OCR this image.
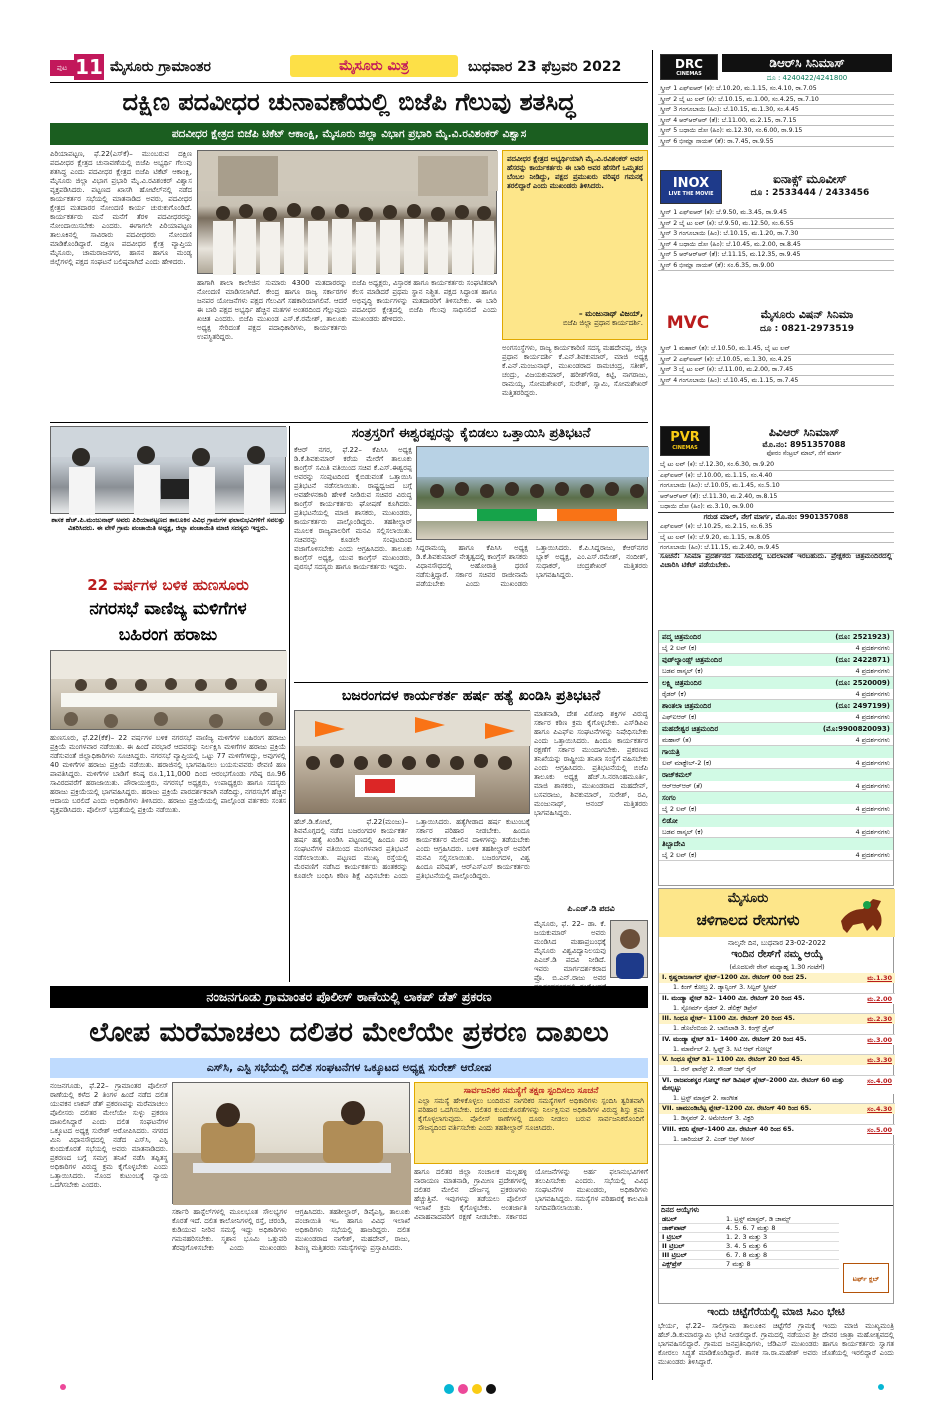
ಪುಟ 11 ಮೈಸೂರು ಗ್ರಾಮಾಂತರ	ಮೈಸೂರು ಮಿತ್ರ	ಬುಧವಾರ 23 ಫೆಬ್ರವರಿ 2022
ದಕ್ಷಿಣ ಪದವೀಧರ ಚುನಾವಣೆಯಲ್ಲಿ ಬಿಜೆಪಿ ಗೆಲುವು ಶತಸಿದ್ಧ
ಪದವೀಧರ ಕ್ಷೇತ್ರದ ಬಿಜೆಪಿ ಟಿಕೆಟ್ ಆಕಾಂಕ್ಷಿ, ಮೈಸೂರು ಜಿಲ್ಲಾ ವಿಭಾಗ ಪ್ರಭಾರಿ ಮೈ.ವಿ.ರವಿಶಂಕರ್ ವಿಶ್ವಾಸ
ಪಿರಿಯಾಪಟ್ಟಣ, ಫೆ.22(ಎಸ್‌ಕೆ)– ಮುಂಬರುವ ದಕ್ಷಿಣ ಪದವೀಧರ ಕ್ಷೇತ್ರದ ಚುನಾವಣೆಯಲ್ಲಿ ಬಿಜೆಪಿ ಅಭ್ಯರ್ಥಿ ಗೆಲುವು ಶತಸಿದ್ಧ ಎಂದು ಪದವೀಧರ ಕ್ಷೇತ್ರದ ಬಿಜೆಪಿ ಟಿಕೆಟ್ ಆಕಾಂಕ್ಷಿ, ಮೈಸೂರು ಜಿಲ್ಲಾ ವಿಭಾಗ ಪ್ರಭಾರಿ ಮೈ.ವಿ.ರವಿಶಂಕರ್ ವಿಶ್ವಾಸ ವ್ಯಕ್ತಪಡಿಸಿದರು. ಪಟ್ಟಣದ ಖಾಸಗಿ ಹೋಟೆಲ್‌ನಲ್ಲಿ ನಡೆದ ಕಾರ್ಯಕರ್ತರ ಸಭೆಯಲ್ಲಿ ಮಾತನಾಡಿದ ಅವರು, ಪದವೀಧರ ಕ್ಷೇತ್ರದ ಮತದಾರರ ನೋಂದಣಿ ಕಾರ್ಯ ಚುರುಕುಗೊಂಡಿದೆ. ಕಾರ್ಯಕರ್ತರು ಮನೆ ಮನೆಗೆ ತೆರಳಿ ಪದವೀಧರರನ್ನು ನೋಂದಾಯಿಸಬೇಕು ಎಂದರು. ಈಗಾಗಲೇ ಪಿರಿಯಾಪಟ್ಟಣ ತಾಲೂಕಿನಲ್ಲಿ ಸಾವಿರಾರು ಪದವೀಧರರು ನೋಂದಣಿ ಮಾಡಿಕೊಂಡಿದ್ದಾರೆ. ದಕ್ಷಿಣ ಪದವೀಧರ ಕ್ಷೇತ್ರ ವ್ಯಾಪ್ತಿಯ ಮೈಸೂರು, ಚಾಮರಾಜನಗರ, ಹಾಸನ ಹಾಗೂ ಮಂಡ್ಯ ಜಿಲ್ಲೆಗಳಲ್ಲಿ ಪಕ್ಷದ ಸಂಘಟನೆ ಬಲಿಷ್ಠವಾಗಿದೆ ಎಂದು ಹೇಳಿದರು.
ಹಾಗಾಗಿ ಶಾಲಾ ಕಾಲೇಜಿನ ಸುಮಾರು 4300 ಮತದಾರರನ್ನು ನೋಂದಣಿ ಮಾಡಿಸಲಾಗಿದೆ. ಕೇಂದ್ರ ಹಾಗೂ ರಾಜ್ಯ ಸರ್ಕಾರಗಳ ಜನಪರ ಯೋಜನೆಗಳು ಪಕ್ಷದ ಗೆಲುವಿಗೆ ಸಹಕಾರಿಯಾಗಲಿವೆ. ಆದರೆ ಈ ಬಾರಿ ಪಕ್ಷದ ಅಭ್ಯರ್ಥಿ ಹೆಚ್ಚಿನ ಮತಗಳ ಅಂತರದಿಂದ ಗೆಲ್ಲುವುದು ಖಚಿತ ಎಂದರು. ಬಿಜೆಪಿ ಮುಖಂಡ ಎಸ್.ಕೆ.ರಮೇಶ್, ತಾಲೂಕು ಅಧ್ಯಕ್ಷ ಸೇರಿದಂತೆ ಪಕ್ಷದ ಪದಾಧಿಕಾರಿಗಳು, ಕಾರ್ಯಕರ್ತರು ಉಪಸ್ಥಿತರಿದ್ದರು.
ಬಿಜೆಪಿ ಅಧ್ಯಕ್ಷರು, ವಿಸ್ತಾರಕ ಹಾಗೂ ಕಾರ್ಯಕರ್ತರು ಸಂಘಟಿತರಾಗಿ ಕೆಲಸ ಮಾಡಿದರೆ ಪ್ರಥಮ ಸ್ಥಾನ ನಿಶ್ಚಿತ. ಪಕ್ಷದ ಸಿದ್ಧಾಂತ ಹಾಗೂ ಅಭಿವೃದ್ಧಿ ಕಾರ್ಯಗಳನ್ನು ಮತದಾರರಿಗೆ ತಿಳಿಸಬೇಕು. ಈ ಬಾರಿ ಪದವೀಧರ ಕ್ಷೇತ್ರದಲ್ಲಿ ಬಿಜೆಪಿ ಗೆಲುವು ಸಾಧಿಸಲಿದೆ ಎಂದು ಮುಖಂಡರು ಹೇಳಿದರು.
ಪದವೀಧರ ಕ್ಷೇತ್ರದ ಅಭ್ಯರ್ಥಿಯಾಗಿ ಮೈ.ವಿ.ರವಿಶಂಕರ್ ಅವರ ಹೆಸರನ್ನು ಕಾರ್ಯಕರ್ತರು ಈ ಬಾರಿ ಅವರ ಹೆಸರಿಗೆ ಒಮ್ಮತದ ಬೆಂಬಲ ನೀಡಿದ್ದು, ಪಕ್ಷದ ಪ್ರಮುಖರು ವರಿಷ್ಠರ ಗಮನಕ್ಕೆ ತರಲಿದ್ದಾರೆ ಎಂದು ಮುಖಂಡರು ತಿಳಿಸಿದರು.
– ಮಂಜುನಾಥ್ ವಿಜಯ್,
ಬಿಜೆಪಿ ಜಿಲ್ಲಾ ಪ್ರಧಾನ ಕಾರ್ಯದರ್ಶಿ.
ಅಂಗಸಂಸ್ಥೆಗಳು, ರಾಜ್ಯ ಕಾರ್ಯಕಾರಿಣಿ ಸದಸ್ಯ ಮಹದೇವಪ್ಪ, ಜಿಲ್ಲಾ ಪ್ರಧಾನ ಕಾರ್ಯದರ್ಶಿ ಕೆ.ಎನ್.ಶಿವಕುಮಾರ್, ಮಾಜಿ ಅಧ್ಯಕ್ಷ ಕೆ.ಎನ್.ಮಂಜುನಾಥ್, ಮುಖಂಡರಾದ ರಾಮಚಂದ್ರ, ಸತೀಶ್, ಚಂದ್ರು, ವಿಜಯಕುಮಾರ್, ಹರೀಶ್‌ಗೌಡ, ಕಿಟ್ಟಿ, ನಾಗರಾಜು, ರಾಮಯ್ಯ, ಸೋಮಶೇಖರ್, ಸುರೇಶ್, ಸ್ವಾಮಿ, ಸೋಮಶೇಖರ್ ಮತ್ತಿತರರಿದ್ದರು.
ಶಾಸಕ ಹೆಚ್.ಪಿ.ಮಂಜುನಾಥ್ ಅವರು ಪಿರಿಯಾಪಟ್ಟಣದ ತಾಲೂಕಿನ ವಿವಿಧ ಗ್ರಾಮಗಳ ಫಲಾನುಭವಿಗಳಿಗೆ ಸವಲತ್ತು ವಿತರಿಸಿದರು. ಈ ವೇಳೆ ಗ್ರಾಮ ಪಂಚಾಯಿತಿ ಅಧ್ಯಕ್ಷ, ಜಿಲ್ಲಾ ಪಂಚಾಯಿತಿ ಮಾಜಿ ಸದಸ್ಯರು ಇದ್ದರು.
22 ವರ್ಷಗಳ ಬಳಿಕ ಹುಣಸೂರು
ನಗರಸಭೆ ವಾಣಿಜ್ಯ ಮಳಿಗೆಗಳ
ಬಹಿರಂಗ ಹರಾಜು
ಹುಣಸೂರು, ಫೆ.22(ಕೆಕೆ)– 22 ವರ್ಷಗಳ ಬಳಿಕ ನಗರಸಭೆ ವಾಣಿಜ್ಯ ಮಳಿಗೆಗಳ ಬಹಿರಂಗ ಹರಾಜು ಪ್ರಕ್ರಿಯೆ ಮಂಗಳವಾರ ನಡೆಯಿತು. ಈ ಹಿಂದೆ ಪರಭಾರೆ ಆದವರನ್ನು ನಿರ್ಲಕ್ಷಿಸಿ ಮಳಿಗೆಗಳ ಹರಾಜು ಪ್ರಕ್ರಿಯೆ ನಡೆಸುವಂತೆ ಜಿಲ್ಲಾಧಿಕಾರಿಗಳು ಸೂಚಿಸಿದ್ದರು. ನಗರಸಭೆ ವ್ಯಾಪ್ತಿಯಲ್ಲಿ ಒಟ್ಟು 77 ಮಳಿಗೆಗಳಿದ್ದು, ಅವುಗಳಲ್ಲಿ 40 ಮಳಿಗೆಗಳ ಹರಾಜು ಪ್ರಕ್ರಿಯೆ ನಡೆಯಿತು. ಹರಾಜಿನಲ್ಲಿ ಭಾಗವಹಿಸಲು ಬಯಸುವವರು ಠೇವಣಿ ಹಣ ಪಾವತಿಸಿದ್ದರು. ಮಳಿಗೆಗಳ ಬಾಡಿಗೆ ಕನಿಷ್ಠ ರೂ.1,11,000 ದಿಂದ ಆರಂಭಗೊಂಡು ಗರಿಷ್ಠ ರೂ.96 ಸಾವಿರದವರೆಗೆ ಹರಾಜಾಯಿತು. ಪೌರಾಯುಕ್ತರು, ನಗರಸಭೆ ಅಧ್ಯಕ್ಷರು, ಉಪಾಧ್ಯಕ್ಷರು ಹಾಗೂ ಸದಸ್ಯರು ಹರಾಜು ಪ್ರಕ್ರಿಯೆಯಲ್ಲಿ ಭಾಗವಹಿಸಿದ್ದರು. ಹರಾಜು ಪ್ರಕ್ರಿಯೆ ಪಾರದರ್ಶಕವಾಗಿ ನಡೆದಿದ್ದು, ನಗರಸಭೆಗೆ ಹೆಚ್ಚಿನ ಆದಾಯ ಬರಲಿದೆ ಎಂದು ಅಧಿಕಾರಿಗಳು ತಿಳಿಸಿದರು. ಹರಾಜು ಪ್ರಕ್ರಿಯೆಯಲ್ಲಿ ಪಾಲ್ಗೊಂಡ ವರ್ತಕರು ಸಂತಸ ವ್ಯಕ್ತಪಡಿಸಿದರು. ಪೊಲೀಸ್ ಭದ್ರತೆಯಲ್ಲಿ ಪ್ರಕ್ರಿಯೆ ನಡೆಯಿತು.
ಸಂತ್ರಸ್ತರಿಗೆ ಈಶ್ವರಪ್ಪರನ್ನು ಕೈಬಿಡಲು ಒತ್ತಾಯಿಸಿ ಪ್ರತಿಭಟನೆ
ಕೆಆರ್ ನಗರ, ಫೆ.22– ಕೆಪಿಸಿಸಿ ಅಧ್ಯಕ್ಷ ಡಿ.ಕೆ.ಶಿವಕುಮಾರ್ ಕರೆಯ ಮೇರೆಗೆ ತಾಲೂಕು ಕಾಂಗ್ರೆಸ್ ಸಮಿತಿ ವತಿಯಿಂದ ಸಚಿವ ಕೆ.ಎಸ್.ಈಶ್ವರಪ್ಪ ಅವರನ್ನು ಸಂಪುಟದಿಂದ ಕೈಬಿಡುವಂತೆ ಒತ್ತಾಯಿಸಿ ಪ್ರತಿಭಟನೆ ನಡೆಸಲಾಯಿತು. ರಾಷ್ಟ್ರಧ್ವಜದ ಬಗ್ಗೆ ಅವಹೇಳನಕಾರಿ ಹೇಳಿಕೆ ನೀಡಿರುವ ಸಚಿವರ ವಿರುದ್ಧ ಕಾಂಗ್ರೆಸ್ ಕಾರ್ಯಕರ್ತರು ಘೋಷಣೆ ಕೂಗಿದರು. ಪ್ರತಿಭಟನೆಯಲ್ಲಿ ಮಾಜಿ ಶಾಸಕರು, ಮುಖಂಡರು, ಕಾರ್ಯಕರ್ತರು ಪಾಲ್ಗೊಂಡಿದ್ದರು. ತಹಶೀಲ್ದಾರ್ ಮೂಲಕ ರಾಜ್ಯಪಾಲರಿಗೆ ಮನವಿ ಸಲ್ಲಿಸಲಾಯಿತು. ಸಚಿವರನ್ನು ಕೂಡಲೇ ಸಂಪುಟದಿಂದ ವಜಾಗೊಳಿಸಬೇಕು ಎಂದು ಆಗ್ರಹಿಸಿದರು. ತಾಲೂಕು ಕಾಂಗ್ರೆಸ್ ಅಧ್ಯಕ್ಷ, ಯುವ ಕಾಂಗ್ರೆಸ್ ಮುಖಂಡರು, ಪುರಸಭೆ ಸದಸ್ಯರು ಹಾಗೂ ಕಾರ್ಯಕರ್ತರು ಇದ್ದರು.
ಸಿದ್ದರಾಮಯ್ಯ ಹಾಗೂ ಕೆಪಿಸಿಸಿ ಅಧ್ಯಕ್ಷ ಡಿ.ಕೆ.ಶಿವಕುಮಾರ್ ನೇತೃತ್ವದಲ್ಲಿ ಕಾಂಗ್ರೆಸ್ ಶಾಸಕರು ವಿಧಾನಸೌಧದಲ್ಲಿ ಅಹೋರಾತ್ರಿ ಧರಣಿ ನಡೆಸುತ್ತಿದ್ದಾರೆ. ಸರ್ಕಾರ ಸಚಿವರ ರಾಜೀನಾಮೆ ಪಡೆಯಬೇಕು ಎಂದು ಮುಖಂಡರು ಒತ್ತಾಯಿಸಿದರು. ಕೆ.ಪಿ.ಸಿದ್ದರಾಜು, ಕೆಆರ್‌ನಗರ ಬ್ಲಾಕ್ ಅಧ್ಯಕ್ಷ, ಎಂ.ಎಸ್.ರಮೇಶ್, ನಂದೀಶ್, ಸುಧಾಕರ್, ಚಂದ್ರಶೇಖರ್ ಮತ್ತಿತರರು ಭಾಗವಹಿಸಿದ್ದರು.
ಬಜರಂಗದಳ ಕಾರ್ಯಕರ್ತ ಹರ್ಷ ಹತ್ಯೆ ಖಂಡಿಸಿ ಪ್ರತಿಭಟನೆ
ಹೆಚ್.ಡಿ.ಕೋಟೆ, ಫೆ.22(ಮಂಜು)– ಶಿವಮೊಗ್ಗದಲ್ಲಿ ನಡೆದ ಬಜರಂಗದಳ ಕಾರ್ಯಕರ್ತ ಹರ್ಷ ಹತ್ಯೆ ಖಂಡಿಸಿ ಪಟ್ಟಣದಲ್ಲಿ ಹಿಂದೂ ಪರ ಸಂಘಟನೆಗಳ ವತಿಯಿಂದ ಮಂಗಳವಾರ ಪ್ರತಿಭಟನೆ ನಡೆಸಲಾಯಿತು. ಪಟ್ಟಣದ ಮುಖ್ಯ ರಸ್ತೆಯಲ್ಲಿ ಮೆರವಣಿಗೆ ನಡೆಸಿದ ಕಾರ್ಯಕರ್ತರು ಹಂತಕರನ್ನು ಕೂಡಲೇ ಬಂಧಿಸಿ ಕಠಿಣ ಶಿಕ್ಷೆ ವಿಧಿಸಬೇಕು ಎಂದು ಒತ್ತಾಯಿಸಿದರು. ಹತ್ಯೆಗೀಡಾದ ಹರ್ಷ ಕುಟುಂಬಕ್ಕೆ ಸರ್ಕಾರ ಪರಿಹಾರ ನೀಡಬೇಕು. ಹಿಂದೂ ಕಾರ್ಯಕರ್ತರ ಮೇಲಿನ ದಾಳಿಗಳನ್ನು ತಡೆಯಬೇಕು ಎಂದು ಆಗ್ರಹಿಸಿದರು. ಬಳಿಕ ತಹಶೀಲ್ದಾರ್ ಅವರಿಗೆ ಮನವಿ ಸಲ್ಲಿಸಲಾಯಿತು. ಬಜರಂಗದಳ, ವಿಶ್ವ ಹಿಂದೂ ಪರಿಷತ್, ಆರ್‌ಎಸ್‌ಎಸ್ ಕಾರ್ಯಕರ್ತರು ಪ್ರತಿಭಟನೆಯಲ್ಲಿ ಪಾಲ್ಗೊಂಡಿದ್ದರು.
ಮಾತನಾಡಿ, ದೇಶ ವಿರೋಧಿ ಶಕ್ತಿಗಳ ವಿರುದ್ಧ ಸರ್ಕಾರ ಕಠಿಣ ಕ್ರಮ ಕೈಗೊಳ್ಳಬೇಕು. ಎಸ್‌ಡಿಪಿಐ ಹಾಗೂ ಪಿಎಫ್‌ಐ ಸಂಘಟನೆಗಳನ್ನು ನಿಷೇಧಿಸಬೇಕು ಎಂದು ಒತ್ತಾಯಿಸಿದರು. ಹಿಂದೂ ಕಾರ್ಯಕರ್ತರ ರಕ್ಷಣೆಗೆ ಸರ್ಕಾರ ಮುಂದಾಗಬೇಕು. ಪ್ರಕರಣದ ತನಿಖೆಯನ್ನು ರಾಷ್ಟ್ರೀಯ ತನಿಖಾ ಸಂಸ್ಥೆಗೆ ವಹಿಸಬೇಕು ಎಂದು ಆಗ್ರಹಿಸಿದರು. ಪ್ರತಿಭಟನೆಯಲ್ಲಿ ಬಿಜೆಪಿ ತಾಲೂಕು ಅಧ್ಯಕ್ಷ ಹೆಚ್.ಸಿ.ನರಸಿಂಹಮೂರ್ತಿ, ಮಾಜಿ ಶಾಸಕರು, ಮುಖಂಡರಾದ ಮಹದೇವ್, ಬಸವರಾಜು, ಶಿವಕುಮಾರ್, ಸುರೇಶ್, ರವಿ, ಮಂಜುನಾಥ್, ಆನಂದ್ ಮತ್ತಿತರರು ಭಾಗವಹಿಸಿದ್ದರು.
ಪಿ.ಎಡ್.ಡಿ ಪದವಿ
ಮೈಸೂರು, ಫೆ. 22– ಡಾ. ಕೆ. ಜಯಕುಮಾರ್ ಅವರು ಮಂಡಿಸಿದ ಮಹಾಪ್ರಬಂಧಕ್ಕೆ ಮೈಸೂರು ವಿಶ್ವವಿದ್ಯಾನಿಲಯವು ಪಿಎಚ್‌.ಡಿ ಪದವಿ ನೀಡಿದೆ. ಇವರು ಮಾರ್ಗದರ್ಶಕರಾದ ಪ್ರೊ. ಬಿ.ಎನ್.ರಾಜು ಅವರ
ನಂಜನಗೂಡು ಗ್ರಾಮಾಂತರ ಪೊಲೀಸ್ ಠಾಣೆಯಲ್ಲಿ ಲಾಕಪ್ ಡೆತ್ ಪ್ರಕರಣ
ಲೋಪ ಮರೆಮಾಚಲು ದಲಿತರ ಮೇಲೆಯೇ ಪ್ರಕರಣ ದಾಖಲು
ಎಸ್‌ಸಿ, ಎಸ್ಟಿ ಸಭೆಯಲ್ಲಿ ದಲಿತ ಸಂಘಟನೆಗಳ ಒಕ್ಕೂಟದ ಅಧ್ಯಕ್ಷ ಸುರೇಶ್ ಆರೋಪ
ನಂಜನಗೂಡು, ಫೆ.22– ಗ್ರಾಮಾಂತರ ಪೊಲೀಸ್ ಠಾಣೆಯಲ್ಲಿ ಕಳೆದ 2 ತಿಂಗಳ ಹಿಂದೆ ನಡೆದ ದಲಿತ ಯುವಕನ ಲಾಕಪ್ ಡೆತ್ ಪ್ರಕರಣವನ್ನು ಮರೆಮಾಚಲು ಪೊಲೀಸರು ದಲಿತರ ಮೇಲೆಯೇ ಸುಳ್ಳು ಪ್ರಕರಣ ದಾಖಲಿಸಿದ್ದಾರೆ ಎಂದು ದಲಿತ ಸಂಘಟನೆಗಳ ಒಕ್ಕೂಟದ ಅಧ್ಯಕ್ಷ ಸುರೇಶ್ ಆರೋಪಿಸಿದರು. ನಗರದ ಮಿನಿ ವಿಧಾನಸೌಧದಲ್ಲಿ ನಡೆದ ಎಸ್‌ಸಿ, ಎಸ್ಟಿ ಕುಂದುಕೊರತೆ ಸಭೆಯಲ್ಲಿ ಅವರು ಮಾತನಾಡಿದರು. ಪ್ರಕರಣದ ಬಗ್ಗೆ ಸಮಗ್ರ ತನಿಖೆ ನಡೆಸಿ ತಪ್ಪಿತಸ್ಥ ಅಧಿಕಾರಿಗಳ ವಿರುದ್ಧ ಕ್ರಮ ಕೈಗೊಳ್ಳಬೇಕು ಎಂದು ಒತ್ತಾಯಿಸಿದರು. ನೊಂದ ಕುಟುಂಬಕ್ಕೆ ನ್ಯಾಯ ಒದಗಿಸಬೇಕು ಎಂದರು.
ಸರ್ಕಾರಿ ಹಾಸ್ಟೆಲ್‌ಗಳಲ್ಲಿ ಮೂಲಭೂತ ಸೌಲಭ್ಯಗಳ ಕೊರತೆ ಇದೆ. ದಲಿತ ಕಾಲೋನಿಗಳಲ್ಲಿ ರಸ್ತೆ, ಚರಂಡಿ, ಕುಡಿಯುವ ನೀರಿನ ಸಮಸ್ಯೆ ಇದ್ದು ಅಧಿಕಾರಿಗಳು ಗಮನಹರಿಸಬೇಕು. ಸ್ಮಶಾನ ಭೂಮಿ ಒತ್ತುವರಿ ತೆರವುಗೊಳಿಸಬೇಕು ಎಂದು ಮುಖಂಡರು ಆಗ್ರಹಿಸಿದರು. ತಹಶೀಲ್ದಾರ್, ಡಿವೈಎಸ್ಪಿ, ತಾಲೂಕು ಪಂಚಾಯಿತಿ ಇಒ ಹಾಗೂ ವಿವಿಧ ಇಲಾಖೆ ಅಧಿಕಾರಿಗಳು ಸಭೆಯಲ್ಲಿ ಹಾಜರಿದ್ದರು. ದಲಿತ ಮುಖಂಡರಾದ ನಾಗೇಶ್, ಮಹದೇವ್, ರಾಜು, ಶಿವಣ್ಣ ಮತ್ತಿತರರು ಸಮಸ್ಯೆಗಳನ್ನು ಪ್ರಸ್ತಾಪಿಸಿದರು.
ಸಾರ್ವಜನಿಕರ ಸಮಸ್ಯೆಗೆ ತಕ್ಷಣ ಸ್ಪಂದಿಸಲು ಸೂಚನೆ
ಎಲ್ಲಾ ಸಮಸ್ಯೆ ಹೇಳಿಕೊಳ್ಳಲು ಬಂದಿರುವ ನಾಗರಿಕರ ಸಮಸ್ಯೆಗಳಿಗೆ ಅಧಿಕಾರಿಗಳು ಸ್ಪಂದಿಸಿ ತ್ವರಿತವಾಗಿ ಪರಿಹಾರ ಒದಗಿಸಬೇಕು. ದಲಿತರ ಕುಂದುಕೊರತೆಗಳನ್ನು ನಿರ್ಲಕ್ಷಿಸುವ ಅಧಿಕಾರಿಗಳ ವಿರುದ್ಧ ಶಿಸ್ತು ಕ್ರಮ ಕೈಗೊಳ್ಳಲಾಗುವುದು. ಪೊಲೀಸ್ ಠಾಣೆಗಳಲ್ಲಿ ದೂರು ನೀಡಲು ಬರುವ ಸಾರ್ವಜನಿಕರೊಂದಿಗೆ ಸೌಜನ್ಯದಿಂದ ವರ್ತಿಸಬೇಕು ಎಂದು ತಹಶೀಲ್ದಾರ್ ಸೂಚಿಸಿದರು.
ಹಾಗೂ ದಲಿತರ ಜಿಲ್ಲಾ ಸಂಚಾಲಕ ಮಲ್ಲಹಳ್ಳಿ ನಾರಾಯಣ ಮಾತನಾಡಿ, ಗ್ರಾಮೀಣ ಪ್ರದೇಶಗಳಲ್ಲಿ ದಲಿತರ ಮೇಲಿನ ದೌರ್ಜನ್ಯ ಪ್ರಕರಣಗಳು ಹೆಚ್ಚುತ್ತಿವೆ. ಇವುಗಳನ್ನು ತಡೆಯಲು ಪೊಲೀಸ್ ಇಲಾಖೆ ಕ್ರಮ ಕೈಗೊಳ್ಳಬೇಕು. ಅಂತರ್ಜಾತಿ ವಿವಾಹವಾದವರಿಗೆ ರಕ್ಷಣೆ ನೀಡಬೇಕು. ಸರ್ಕಾರದ ಯೋಜನೆಗಳನ್ನು ಅರ್ಹ ಫಲಾನುಭವಿಗಳಿಗೆ ತಲುಪಿಸಬೇಕು ಎಂದರು. ಸಭೆಯಲ್ಲಿ ವಿವಿಧ ಸಂಘಟನೆಗಳ ಮುಖಂಡರು, ಅಧಿಕಾರಿಗಳು ಭಾಗವಹಿಸಿದ್ದರು. ಸಮಸ್ಯೆಗಳ ಪರಿಹಾರಕ್ಕೆ ಕಾಲಮಿತಿ ನಿಗದಿಪಡಿಸಲಾಯಿತು.
DRC
CINEMAS
ಡಿಆರ್‌ಸಿ ಸಿನಿಮಾಸ್
ದೂ : 4240422/4241800
ಸ್ಕ್ರೀನ್ 1 ಎಫ್‌ಐಆರ್ (ಕ): ಬೆ.10.20, ಮ.1.15, ಸಂ.4.10, ರಾ.7.05
ಸ್ಕ್ರೀನ್ 2 ಬೈ ಟು ಲವ್ (ಕ): ಬೆ.10.15, ಮ.1.00, ಸಂ.4.25, ರಾ.7.10
ಸ್ಕ್ರೀನ್ 3 ಗಂಗೂಬಾಯಿ (ಹಿಂ): ಬೆ.10.15, ಮ.1.30, ಸಂ.4.45
ಸ್ಕ್ರೀನ್ 4 ಆರ್‌ಆರ್‌ಆರ್ (ತೆ): ಬೆ.11.00, ಮ.2.15, ರಾ.7.15
ಸ್ಕ್ರೀನ್ 5 ಬಧಾಯಿ ದೋ (ಹಿಂ): ಮ.12.30, ಸಂ.6.00, ರಾ.9.15
ಸ್ಕ್ರೀನ್ 6 ಭೀಮ್ಲಾ ನಾಯಕ್ (ತೆ): ರಾ.7.45, ರಾ.9.55
INOX
LIVE THE MOVIE
ಐನಾಕ್ಸ್ ಮೂವೀಸ್
ದೂ : 2533444 / 2433456
ಸ್ಕ್ರೀನ್ 1 ಎಫ್‌ಐಆರ್ (ಕ): ಬೆ.9.50, ಮ.3.45, ರಾ.9.45
ಸ್ಕ್ರೀನ್ 2 ಬೈ ಟು ಲವ್ (ಕ): ಬೆ.9.50, ಮ.12.50, ಸಂ.6.55
ಸ್ಕ್ರೀನ್ 3 ಗಂಗೂಬಾಯಿ (ಹಿಂ): ಬೆ.10.15, ಮ.1.20, ರಾ.7.30
ಸ್ಕ್ರೀನ್ 4 ಬಧಾಯಿ ದೋ (ಹಿಂ): ಬೆ.10.45, ಮ.2.00, ರಾ.8.45
ಸ್ಕ್ರೀನ್ 5 ಆರ್‌ಆರ್‌ಆರ್ (ತೆ): ಬೆ.11.15, ಮ.12.35, ರಾ.9.45
ಸ್ಕ್ರೀನ್ 6 ಭೀಮ್ಲಾ ನಾಯಕ್ (ತೆ): ಸಂ.6.35, ರಾ.9.00
MVC	ಮೈಸೂರು ವಿಷನ್ ಸಿನಿಮಾ
ದೂ : 0821-2973519
ಸ್ಕ್ರೀನ್ 1 ಮಹಾನ್ (ತ): ಬೆ.10.50, ಮ.1.45, ಬೈ ಟು ಲವ್
ಸ್ಕ್ರೀನ್ 2 ಎಫ್‌ಐಆರ್ (ಕ): ಬೆ.10.05, ಮ.1.30, ಸಂ.4.25
ಸ್ಕ್ರೀನ್ 3 ಬೈ ಟು ಲವ್ (ಕ): ಬೆ.11.00, ಮ.2.00, ರಾ.7.45
ಸ್ಕ್ರೀನ್ 4 ಗಂಗೂಬಾಯಿ (ಹಿಂ): ಬೆ.10.45, ಮ.1.15, ರಾ.7.45
PVR
CINEMAS
ಪಿವಿಆರ್ ಸಿನಿಮಾಸ್
ಮೊ.ನಂ: 8951357088
ಫೋರಂ ಸೆಂಟ್ರಲ್ ಮಾಲ್, ನೆಗೆ ಮಾರ್ಗ
ಬೈ ಟು ಲವ್ (ಕ): ಬೆ.12.30, ಸಂ.6.30, ರಾ.9.20
ಎಫ್‌ಐಆರ್ (ಕ): ಬೆ.10.00, ಮ.1.15, ಸಂ.4.40
ಗಂಗೂಬಾಯಿ (ಹಿಂ): ಬೆ.10.05, ಮ.1.45, ಸಂ.5.10
ಆರ್‌ಆರ್‌ಆರ್ (ತೆ): ಬೆ.11.30, ಮ.2.40, ರಾ.8.15
ಬಧಾಯಿ ದೋ (ಹಿಂ): ಮ.3.10, ರಾ.9.00
ಗರುಡ ಮಾಲ್, ನೇಗೆ ಮಾರ್ಗ, ಮೊ.ನಂ: 9901357088
ಎಫ್‌ಐಆರ್ (ಕ): ಬೆ.10.25, ಮ.2.15, ಸಂ.6.35
ಬೈ ಟು ಲವ್ (ಕ): ಬೆ.9.20, ಮ.1.15, ರಾ.8.05
ಗಂಗೂಬಾಯಿ (ಹಿಂ): ಬೆ.11.15, ಮ.2.40, ರಾ.9.45
ಸೂಚನೆ: ಸಿನಿಮಾ ಪ್ರದರ್ಶನದ ಸಮಯದಲ್ಲಿ ಬದಲಾವಣೆ ಇರಬಹುದು. ಪ್ರೇಕ್ಷಕರು ಚಿತ್ರಮಂದಿರದಲ್ಲಿ ವಿಚಾರಿಸಿ ಟಿಕೆಟ್ ಪಡೆಯಬೇಕು.
ಪದ್ಮ ಚಿತ್ರಮಂದಿರ	(ದೂ: 2521923)
ಬೈ 2 ಲವ್ (ಕ)	4 ಪ್ರದರ್ಶನಗಳು
ವುಡ್‌ಲ್ಯಾಂಡ್ಸ್ ಚಿತ್ರಮಂದಿರ	(ದೂ: 2422871)
ಬಡವ ರಾಸ್ಕಲ್ (ಕ)	4 ಪ್ರದರ್ಶನಗಳು
ಲಕ್ಷ್ಮಿ ಚಿತ್ರಮಂದಿರ	(ದೂ: 2520009)
ರೈಡರ್ (ಕ)	4 ಪ್ರದರ್ಶನಗಳು
ಶಾಂತಲಾ ಚಿತ್ರಮಂದಿರ	(ದೂ: 2497199)
ಎಫ್‌ಐಆರ್ (ಕ)	4 ಪ್ರದರ್ಶನಗಳು
ಮಹದೇಶ್ವರ ಚಿತ್ರಮಂದಿರ	(ಮೊ:9900820093)
ಮಹಾನ್ (ತ)	4 ಪ್ರದರ್ಶನಗಳು
ಗಾಯತ್ರಿ
ಲವ್ ಮಾಕ್ಟೇಲ್-2 (ಕ)	4 ಪ್ರದರ್ಶನಗಳು
ರಾಜ್‌ಕಮಲ್
ಆರ್‌ಆರ್‌ಆರ್ (ತೆ)	4 ಪ್ರದರ್ಶನಗಳು
ಸಂಗಂ
ಬೈ 2 ಲವ್ (ಕ)	4 ಪ್ರದರ್ಶನಗಳು
ಲಿಡೋ
ಬಡವ ರಾಸ್ಕಲ್ (ಕ)	4 ಪ್ರದರ್ಶನಗಳು
ತಿಬ್ಬಾದೇವಿ
ಬೈ 2 ಲವ್ (ಕ)	4 ಪ್ರದರ್ಶನಗಳು
ಮೈಸೂರು
ಚಳಿಗಾಲದ ರೇಸುಗಳು
ನಾಲ್ಕನೇ ದಿನ, ಬುಧವಾರ 23-02-2022
ಇಂದಿನ ರೇಸ್‌ಗೆ ನಮ್ಮ ಆಯ್ಕೆ
(ಮೊದಲನೇ ರೇಸ್ ಮಧ್ಯಾಹ್ನ 1.30 ಗಂಟೆಗೆ)
I. ಕೃಷ್ಣರಾಜಸಾಗರ್ ಪ್ಲೇಟ್–1200 ಮೀ. ರೇಟಿಂಗ್ 00 ರಿಂದ 25.	ಮ.1.30
1. ಕಿಂಗ್ ಕೋಬ್ರ 2. ಡ್ಯಾನ್ಸಿಂಗ್ 3. ಸಿಲ್ವರ್ ಸ್ಟ್ರೀಮ್
II. ಮಂಡ್ಯಾ ಪ್ಲೇಟ್ ಡಿ2– 1400 ಮೀ. ರೇಟಿಂಗ್ 20 ರಿಂದ 45.	ಮ.2.00
1. ಸ್ಟೋರ್ಮ್ ರೈಡರ್ 2. ಡೆಲಿಕ್ಸ್ ಡಿಪ್ರೆಸ್
III. ಸಿಂಧೂ ಪ್ಲೇಟ್– 1100 ಮೀ. ರೇಟಿಂಗ್ 20 ರಿಂದ 45.	ಮ.2.30
1. ಡೊಲೆಂಬಿಯ 2. ಬಾಬಿಲಾಡಿ 3. ಕಿಂಗ್ಸ್ ಡ್ರೈವ್
IV. ಮಂಡ್ಯಾ ಪ್ಲೇಟ್ ಡಿ1– 1400 ಮೀ. ರೇಟಿಂಗ್ 20 ರಿಂದ 45.	ಮ.3.00
1. ಮಾರ್ವೆಲ್ 2. ಸ್ವಿಫ್ಟ್ 3. ಸಿಟಿ ಆಫ್ ಗೋಲ್ಡ್
V. ಸಿಂಧೂ ಪ್ಲೇಟ್ ಡಿ1– 1100 ಮೀ. ರೇಟಿಂಗ್ 20 ರಿಂದ 45.	ಮ.3.30
1. ರನ್ ಫಾರೆಸ್ಟ್ 2. ಸೌಂಡ್ ಆಫ್ ರೈನ್
VI. ರಾಜವಂಶಸ್ಥರ ಗೋಲ್ಡ್ ಕಪ್ ಡಿವಿಷನ್ ಪ್ಲೇಟ್–2000 ಮೀ. ರೇಟಿಂಗ್ 60 ಮತ್ತು ಮೇಲ್ಪಟ್ಟು
ಸಂ.4.00
1. ಟ್ರಸ್ಟ್ ಮಾಸ್ಟರ್ 2. ಸಾಂಗೀತ
VII. ಚಾಮುಂಡಿಬೆಟ್ಟ ಪ್ಲೇಟ್–1200 ಮೀ. ರೇಟಿಂಗ್ 40 ರಿಂದ 65.	ಸಂ.4.30
1. ಡಿಸ್ಕವರ್ 2. ಅಮೇಜಿಂಗ್ 3. ವಿಕ್ಟರಿ
VIII. ಕಬಿನಿ ಪ್ಲೇಟ್–1400 ಮೀ. ರೇಟಿಂಗ್ 40 ರಿಂದ 65.	ಸಂ.5.00
1. ಚಾರಿಯಟ್ 2. ಎಂಡ್ ಆಫ್ ಸೀಸನ್
ದಿನದ ಆಯ್ಕೆಗಳು
ಡಬಲ್	1. ಟ್ರಸ್ಟ್ ಮಾಸ್ಟರ್, ಡಿ ಜಾಮ್ಸ್
ಜಾಕ್‌ಪಾಟ್	4. 5. 6. 7 ಮತ್ತು 8
I ಟ್ರಿಬಲ್	1. 2. 3 ಮತ್ತು 3
II ಟ್ರಿಬಲ್	3. 4. 5 ಮತ್ತು 6
III ಟ್ರಿಬಲ್	6. 7. 8 ಮತ್ತು 8
ಎಕ್ಸ್‌ಪ್ರೆಸ್	7 ಮತ್ತು 8
ಟರ್ಫ್ ಕ್ಲಬ್
ಇಂದು ಚಿಟ್ಟೆಗೆರೆಯಲ್ಲಿ ಮಾಜಿ ಸಿಎಂ ಭೇಟಿ
ಭೇರ್ಯ, ಫೆ.22– ಸಾಲಿಗ್ರಾಮ ತಾಲೂಕಿನ ಚಿಟ್ಟೆಗೆರೆ ಗ್ರಾಮಕ್ಕೆ ಇಂದು ಮಾಜಿ ಮುಖ್ಯಮಂತ್ರಿ ಹೆಚ್.ಡಿ.ಕುಮಾರಸ್ವಾಮಿ ಭೇಟಿ ನೀಡಲಿದ್ದಾರೆ. ಗ್ರಾಮದಲ್ಲಿ ನಡೆಯುವ ಶ್ರೀ ದೇವರ ಜಾತ್ರಾ ಮಹೋತ್ಸವದಲ್ಲಿ ಭಾಗವಹಿಸಲಿದ್ದಾರೆ. ಗ್ರಾಮದ ಜನಪ್ರತಿನಿಧಿಗಳು, ಜೆಡಿಎಸ್ ಮುಖಂಡರು ಹಾಗೂ ಕಾರ್ಯಕರ್ತರು ಸ್ವಾಗತ ಕೋರಲು ಸಿದ್ಧತೆ ಮಾಡಿಕೊಂಡಿದ್ದಾರೆ. ಶಾಸಕ ಸಾ.ರಾ.ಮಹೇಶ್ ಅವರು ಜೊತೆಯಲ್ಲಿ ಇರಲಿದ್ದಾರೆ ಎಂದು ಮುಖಂಡರು ತಿಳಿಸಿದ್ದಾರೆ.
